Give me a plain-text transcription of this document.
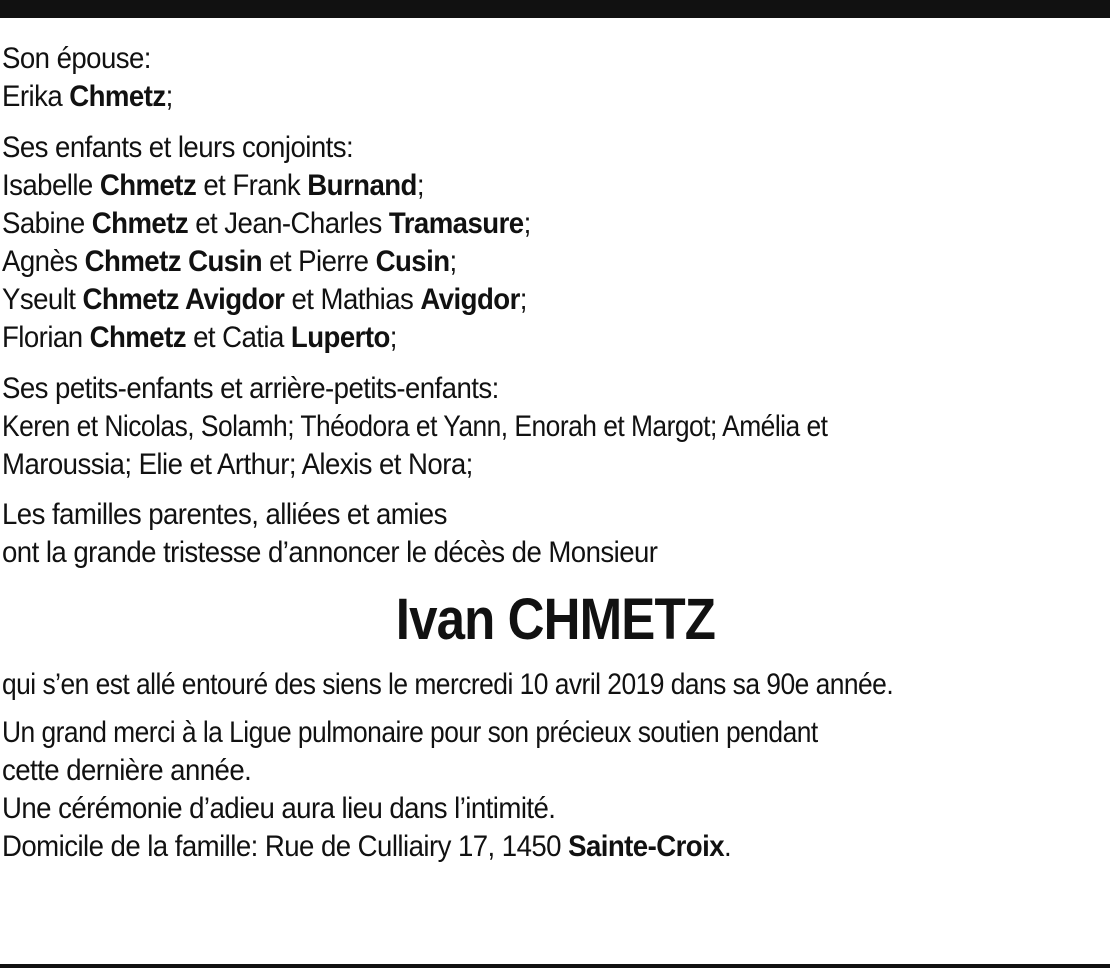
Son épouse:
Erika Chmetz;
Ses enfants et leurs conjoints:
Isabelle Chmetz et Frank Burnand;
Sabine Chmetz et Jean-Charles Tramasure;
Agnès Chmetz Cusin et Pierre Cusin;
Yseult Chmetz Avigdor et Mathias Avigdor;
Florian Chmetz et Catia Luperto;
Ses petits-enfants et arrière-petits-enfants:
Keren et Nicolas, Solamh; Théodora et Yann, Enorah et Margot; Amélia et
Maroussia; Elie et Arthur; Alexis et Nora;
Les familles parentes, alliées et amies
ont la grande tristesse d’annoncer le décès de Monsieur
Ivan CHMETZ
qui s’en est allé entouré des siens le mercredi 10 avril 2019 dans sa 90e année.
Un grand merci à la Ligue pulmonaire pour son précieux soutien pendant
cette dernière année.
Une cérémonie d’adieu aura lieu dans l’intimité.
Domicile de la famille: Rue de Culliairy 17, 1450 Sainte-Croix.
